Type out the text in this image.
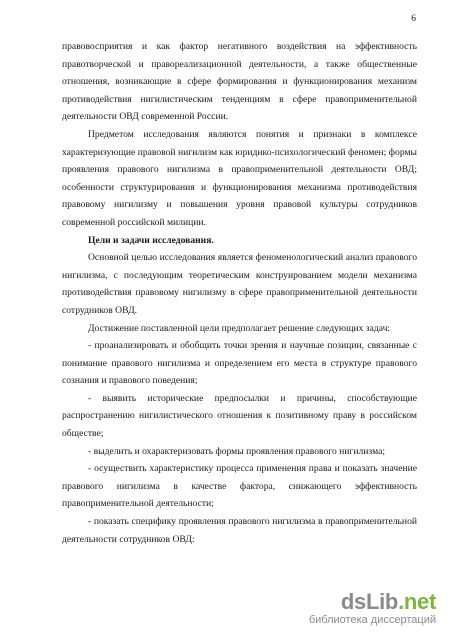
6

правовосприятия и как фактор негативного воздействия на эффективность правотворческой и правореализационной деятельности, а также общественные отношения, возникающие в сфере формирования и функционирования механизм противодействия нигилистическим тенденциям в сфере правоприменительной деятельности ОВД современной России.

Предметом исследования являются понятия и признаки в комплексе характеризующие правовой нигилизм как юридико-психологический феномен; формы проявления правового нигилизма в правоприменительной деятельности ОВД; особенности структурирования и функционирования механизма противодействия правовому нигилизму и повышения уровня правовой культуры сотрудников современной российской милиции.

Цели и задачи исследования.

Основной целью исследования является феноменологический анализ правового нигилизма, с последующим теоретическим конструированием модели механизма противодействия правовому нигилизму в сфере правоприменительной деятельности сотрудников ОВД.

Достижение поставленной цели предполагает решение следующих задач:

- проанализировать и обобщить точки зрения и научные позиции, связанные с понимание правового нигилизма и определением его места в структуре правового сознания и правового поведения;

- выявить исторические предпосылки и причины, способствующие распространению нигилистического отношения к позитивному праву в российском обществе;

- выделить и охарактеризовать формы проявления правового нигилизма;

- осуществить характеристику процесса применения права и показать значение правового нигилизма в качестве фактора, снижающего эффективность правоприменительной деятельности;

- показать специфику проявления правового нигилизма в правоприменительной деятельности сотрудников ОВД:

dsLib.net
библиотека диссертаций
